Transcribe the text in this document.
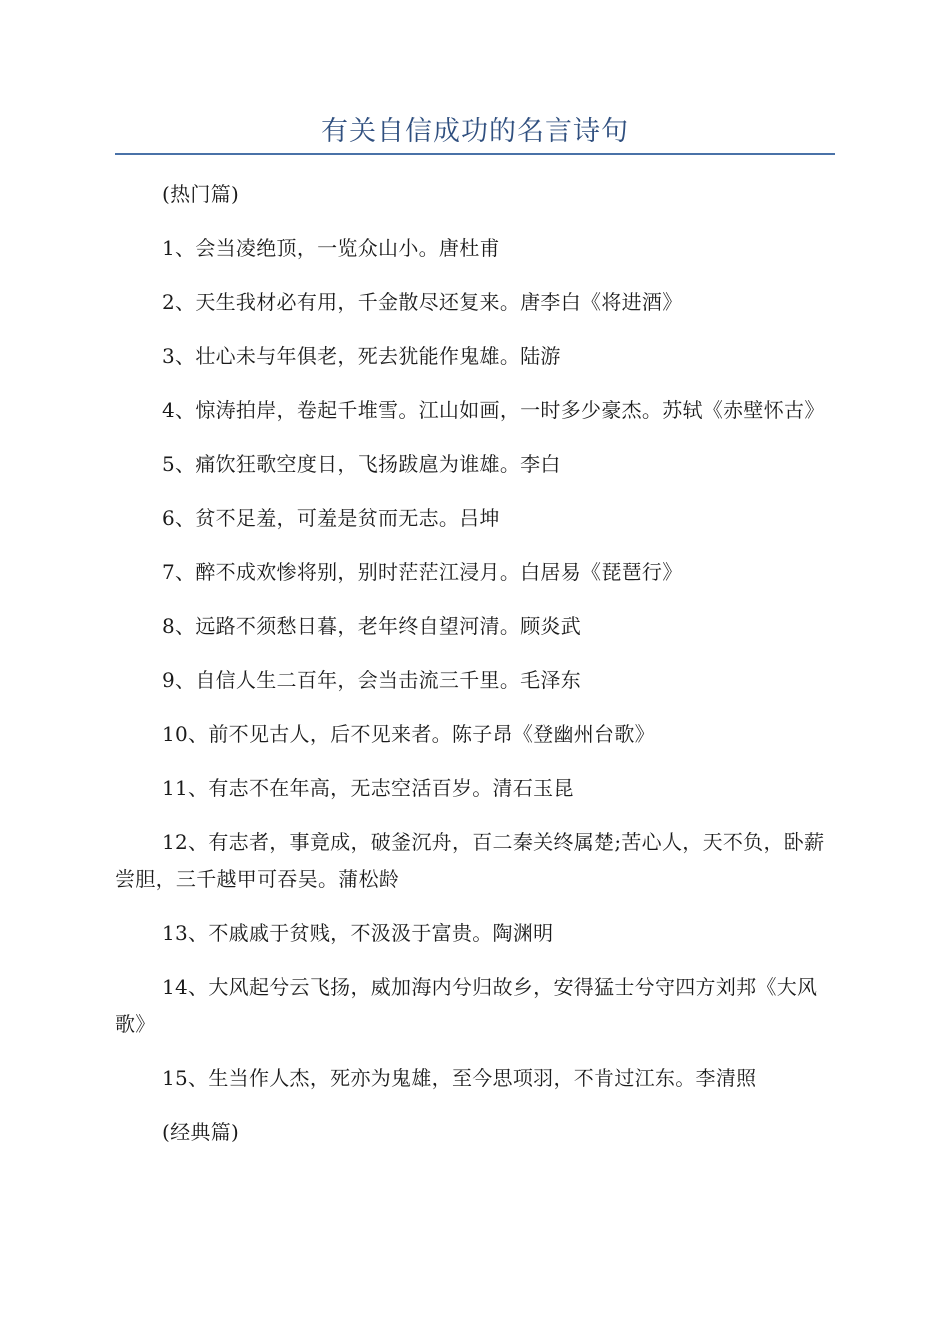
有关自信成功的名言诗句

(热门篇)

1、会当凌绝顶，一览众山小。唐杜甫

2、天生我材必有用，千金散尽还复来。唐李白《将进酒》

3、壮心未与年俱老，死去犹能作鬼雄。陆游

4、惊涛拍岸，卷起千堆雪。江山如画，一时多少豪杰。苏轼《赤壁怀古》

5、痛饮狂歌空度日，飞扬跋扈为谁雄。李白

6、贫不足羞，可羞是贫而无志。吕坤

7、醉不成欢惨将别，别时茫茫江浸月。白居易《琵琶行》

8、远路不须愁日暮，老年终自望河清。顾炎武

9、自信人生二百年，会当击流三千里。毛泽东

10、前不见古人，后不见来者。陈子昂《登幽州台歌》

11、有志不在年高，无志空活百岁。清石玉昆

12、有志者，事竟成，破釜沉舟，百二秦关终属楚;苦心人，天不负，卧薪尝胆，三千越甲可吞吴。蒲松龄

13、不戚戚于贫贱，不汲汲于富贵。陶渊明

14、大风起兮云飞扬，威加海内兮归故乡，安得猛士兮守四方刘邦《大风歌》

15、生当作人杰，死亦为鬼雄，至今思项羽，不肯过江东。李清照

(经典篇)
